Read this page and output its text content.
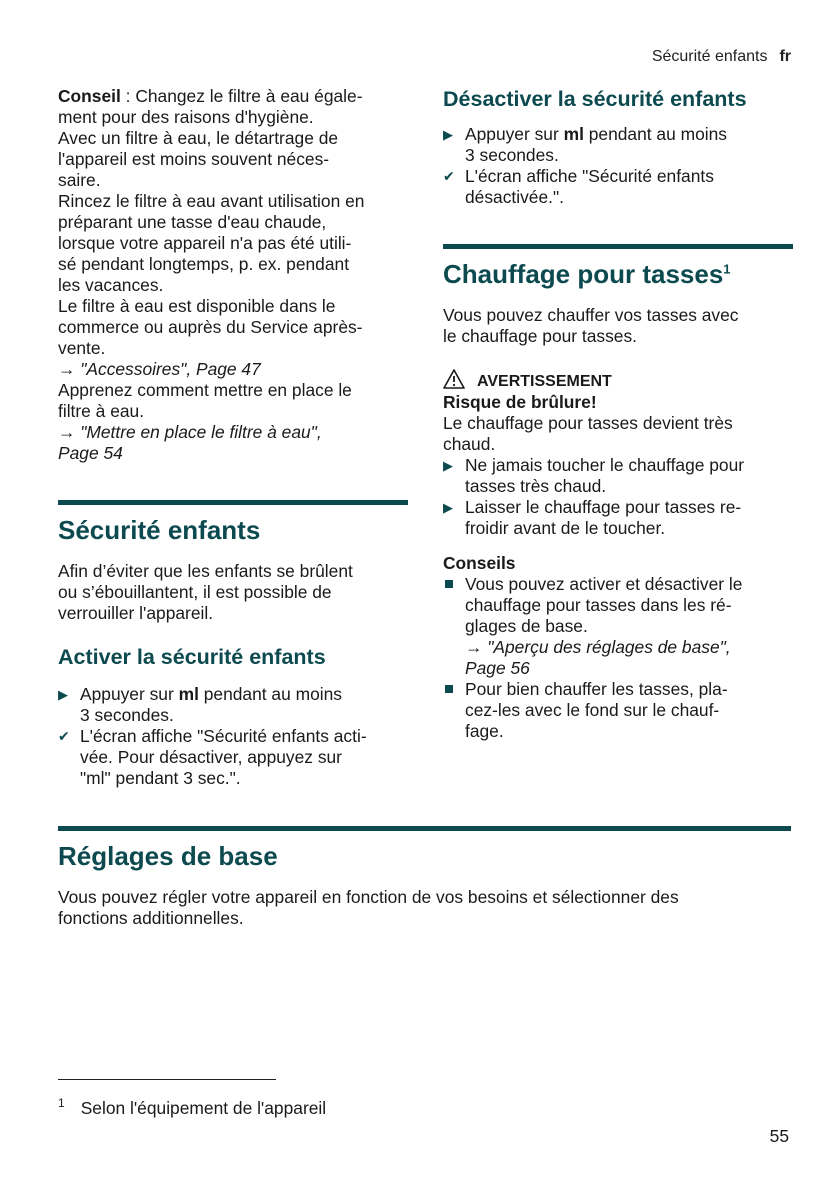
Sécurité enfants fr

Conseil : Changez le filtre à eau égale-

ment pour des raisons d'hygiène.

Avec un filtre à eau, le détartrage de

l'appareil est moins souvent néces-

saire.

Rincez le filtre à eau avant utilisation en

préparant une tasse d'eau chaude,

lorsque votre appareil n'a pas été utili-

sé pendant longtemps, p. ex. pendant

les vacances.

Le filtre à eau est disponible dans le

commerce ou auprès du Service après-

vente.

→ "Accessoires", Page 47

Apprenez comment mettre en place le

filtre à eau.

→ "Mettre en place le filtre à eau",

Page 54

Sécurité enfants

Afin d’éviter que les enfants se brûlent

ou s’ébouillantent, il est possible de

verrouiller l'appareil.

Activer la sécurité enfants
▶ Appuyer sur ml pendant au moins

3 secondes.

✔ L'écran affiche "Sécurité enfants acti-

vée. Pour désactiver, appuyez sur

"ml" pendant 3 sec.".

Désactiver la sécurité enfants
▶ Appuyer sur ml pendant au moins

3 secondes.

✔ L'écran affiche "Sécurité enfants

désactivée.".

Chauffage pour tasses$^1$

Vous pouvez chauffer vos tasses avec

le chauffage pour tasses.

AVERTISSEMENT

Risque de brûlure!

Le chauffage pour tasses devient très

chaud.

▶ Ne jamais toucher le chauffage pour

tasses très chaud.

▶ Laisser le chauffage pour tasses re-

froidir avant de le toucher.

Conseils

Vous pouvez activer et désactiver le

chauffage pour tasses dans les ré-

glages de base.

→ "Aperçu des réglages de base",

Page 56

Pour bien chauffer les tasses, pla-

cez-les avec le fond sur le chauf-

fage.

Réglages de base

Vous pouvez régler votre appareil en fonction de vos besoins et sélectionner des

fonctions additionnelles.

$^1$ Selon l'équipement de l'appareil
55
